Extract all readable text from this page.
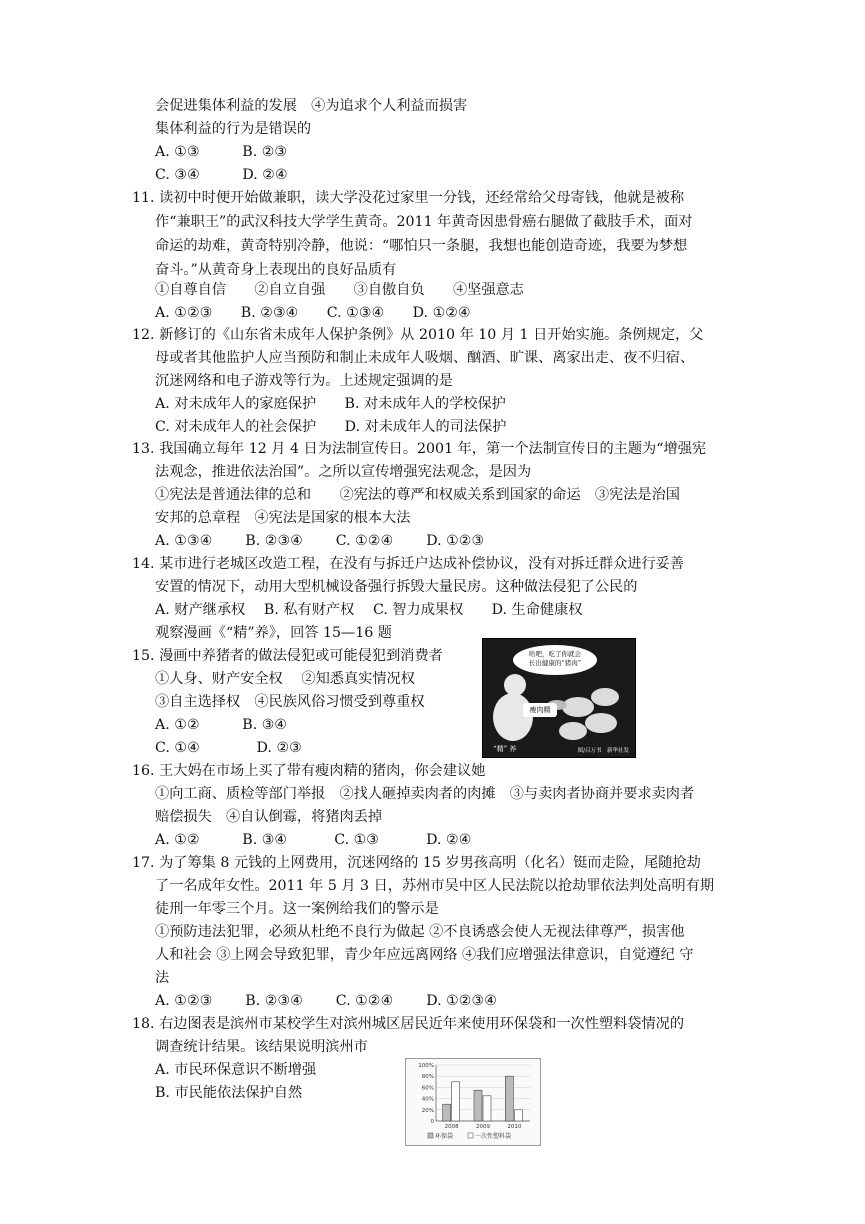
会促进集体利益的发展　④为追求个人利益而损害
集体利益的行为是错误的
A. ①③　　　B. ②③
C. ③④　　　D. ②④
11. 读初中时便开始做兼职，读大学没花过家里一分钱，还经常给父母寄钱，他就是被称
作“兼职王”的武汉科技大学学生黄奇。2011 年黄奇因患骨癌右腿做了截肢手术，面对
命运的劫难，黄奇特别冷静，他说：“哪怕只一条腿，我想也能创造奇迹，我要为梦想
奋斗。”从黄奇身上表现出的良好品质有
①自尊自信　　②自立自强　　③自傲自负　　④坚强意志
A. ①②③　　B. ②③④　　C. ①③④　　D. ①②④
12. 新修订的《山东省未成年人保护条例》从 2010 年 10 月 1 日开始实施。条例规定，父
母或者其他监护人应当预防和制止未成年人吸烟、酗酒、旷课、离家出走、夜不归宿、
沉迷网络和电子游戏等行为。上述规定强调的是
A. 对未成年人的家庭保护　　B. 对未成年人的学校保护
C. 对未成年人的社会保护　　D. 对未成年人的司法保护
13. 我国确立每年 12 月 4 日为法制宣传日。2001 年，第一个法制宣传日的主题为“增强宪
法观念，推进依法治国”。之所以宣传增强宪法观念，是因为
①宪法是普通法律的总和　　②宪法的尊严和权威关系到国家的命运　③宪法是治国
安邦的总章程　④宪法是国家的根本大法
A. ①③④　　 B. ②③④　　 C. ①②④　　 D. ①②③
14. 某市进行老城区改造工程，在没有与拆迁户达成补偿协议，没有对拆迁群众进行妥善
安置的情况下，动用大型机械设备强行拆毁大量民房。这种做法侵犯了公民的
A. 财产继承权　 B. 私有财产权　 C. 智力成果权　　D. 生命健康权
观察漫画《“精”养》，回答 15—16 题
15. 漫画中养猪者的做法侵犯或可能侵犯到消费者
①人身、财产安全权　 ②知悉真实情况权
③自主选择权　④民族风俗习惯受到尊重权
A. ①②　　　B. ③④
C. ①④　　　　D. ②③
16. 王大妈在市场上买了带有瘦肉精的猪肉，你会建议她
①向工商、质检等部门举报　②找人砸掉卖肉者的肉摊　③与卖肉者协商并要求卖肉者
赔偿损失　④自认倒霉，将猪肉丢掉
A. ①②　　　B. ③④　　　 C. ①③　　　 D. ②④
17. 为了筹集 8 元钱的上网费用，沉迷网络的 15 岁男孩高明（化名）铤而走险，尾随抢劫
了一名成年女性。2011 年 5 月 3 日，苏州市吴中区人民法院以抢劫罪依法判处高明有期
徒刑一年零三个月。这一案例给我们的警示是
①预防违法犯罪，必须从杜绝不良行为做起 ②不良诱惑会使人无视法律尊严，损害他
人和社会 ③上网会导致犯罪，青少年应远离网络 ④我们应增强法律意识，自觉遵纪 守
法
A. ①②③　　 B. ②③④　　 C. ①②④　　 D. ①②③④
18. 右边图表是滨州市某校学生对滨州城区居民近年来使用环保袋和一次性塑料袋情况的
调查统计结果。该结果说明滨州市
A. 市民环保意识不断增强
B. 市民能依法保护自然
哈吧，吃了你就会
长出健康的“猪肉”
瘦肉精
“精” 养	图/吕万书　新华社发
100%
80%
60%
40%
20%
0
2008	2009	2010
环保袋	一次性塑料袋
